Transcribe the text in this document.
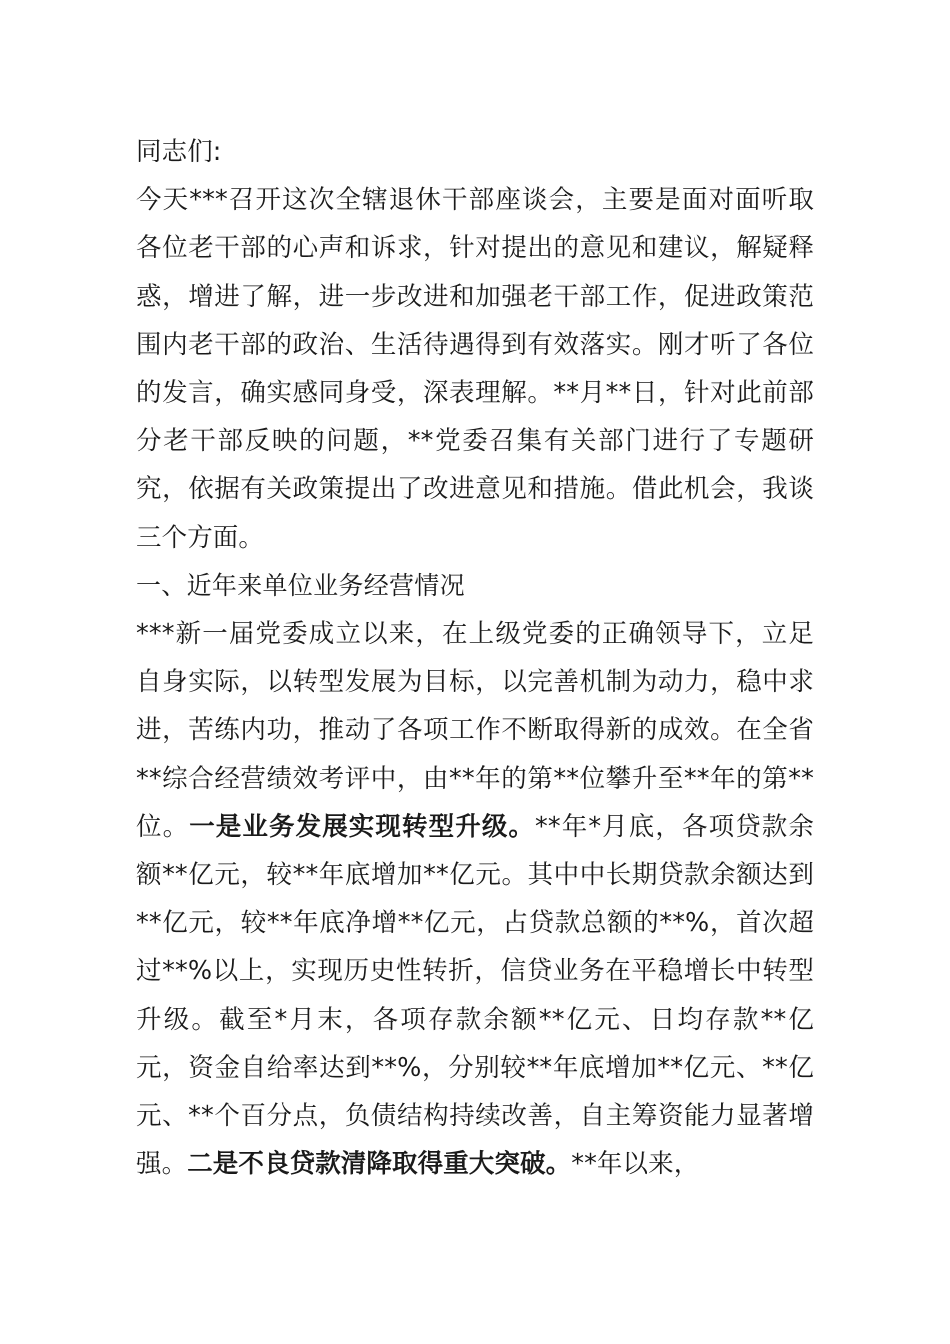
同志们:

今天***召开这次全辖退休干部座谈会，主要是面对面听取各位老干部的心声和诉求，针对提出的意见和建议，解疑释惑，增进了解，进一步改进和加强老干部工作，促进政策范围内老干部的政治、生活待遇得到有效落实。刚才听了各位的发言，确实感同身受，深表理解。**月**日，针对此前部分老干部反映的问题，**党委召集有关部门进行了专题研究，依据有关政策提出了改进意见和措施。借此机会，我谈三个方面。

一、近年来单位业务经营情况

***新一届党委成立以来，在上级党委的正确领导下，立足自身实际，以转型发展为目标，以完善机制为动力，稳中求进，苦练内功，推动了各项工作不断取得新的成效。在全省**综合经营绩效考评中，由**年的第**位攀升至**年的第**位。一是业务发展实现转型升级。**年*月底，各项贷款余额**亿元，较**年底增加**亿元。其中中长期贷款余额达到**亿元，较**年底净增**亿元，占贷款总额的**%，首次超过**%以上，实现历史性转折，信贷业务在平稳增长中转型升级。截至*月末，各项存款余额**亿元、日均存款**亿元，资金自给率达到**%，分别较**年底增加**亿元、**亿元、**个百分点，负债结构持续改善，自主筹资能力显著增强。二是不良贷款清降取得重大突破。**年以来，
